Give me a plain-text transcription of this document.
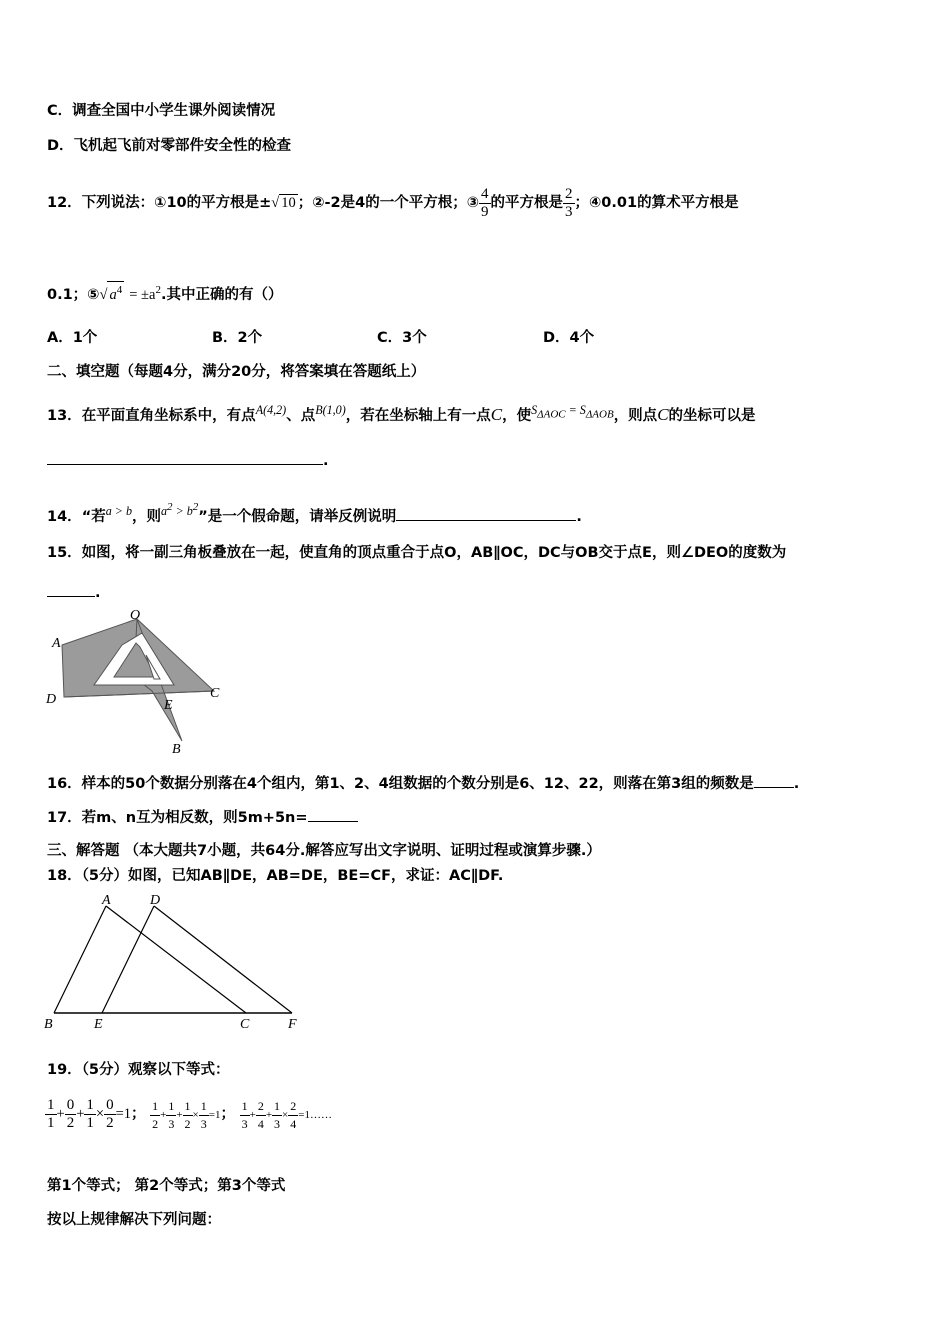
C．调查全国中小学生课外阅读情况
D．飞机起飞前对零部件安全性的检查
12．下列说法：①10的平方根是±√ 10 ；②-2是4的一个平方根；③ $\frac{4}{9}$ 的平方根是 $\frac{2}{3}$ ；④0.01的算术平方根是
0.1；⑤√ $a^4 = \pm a^2$.其中正确的有（）
A．1个	B．2个	C．3个	D．4个
二、填空题（每题4分，满分20分，将答案填在答题纸上）
13．在平面直角坐标系中，有点$^{A(4,2)}$、点$^{B(1,0)}$，若在坐标轴上有一点C，使$^{S_{\Delta AOC} = S_{\Delta AOB}}$，则点C的坐标可以是
.
14．“若$^{a > b}$，则$^{a^2 > b^2}$”是一个假命题，请举反例说明	.
15．如图，将一副三角板叠放在一起，使直角的顶点重合于点O，AB∥OC，DC与OB交于点E，则∠DEO的度数为
.
O
A
D	C
E
B
16．样本的50个数据分别落在4个组内，第1、2、4组数据的个数分别是6、12、22，则落在第3组的频数是	.
17．若m、n互为相反数，则5m+5n=
三、解答题 （本大题共7小题，共64分.解答应写出文字说明、证明过程或演算步骤.）
18．（5分）如图，已知AB∥DE，AB=DE，BE=CF，求证：AC∥DF.
A	D
B	E	C	F
19．（5分）观察以下等式：
$\frac{1}{1} + \frac{0}{2} + \frac{1}{1} \times \frac{0}{2} =1$； $\frac{1}{2} + \frac{1}{3} + \frac{1}{2} \times \frac{1}{3} =1$； $\frac{1}{3} + \frac{2}{4} + \frac{1}{3} \times \frac{2}{4}$ =1……
第1个等式； 第2个等式；第3个等式
按以上规律解决下列问题：
